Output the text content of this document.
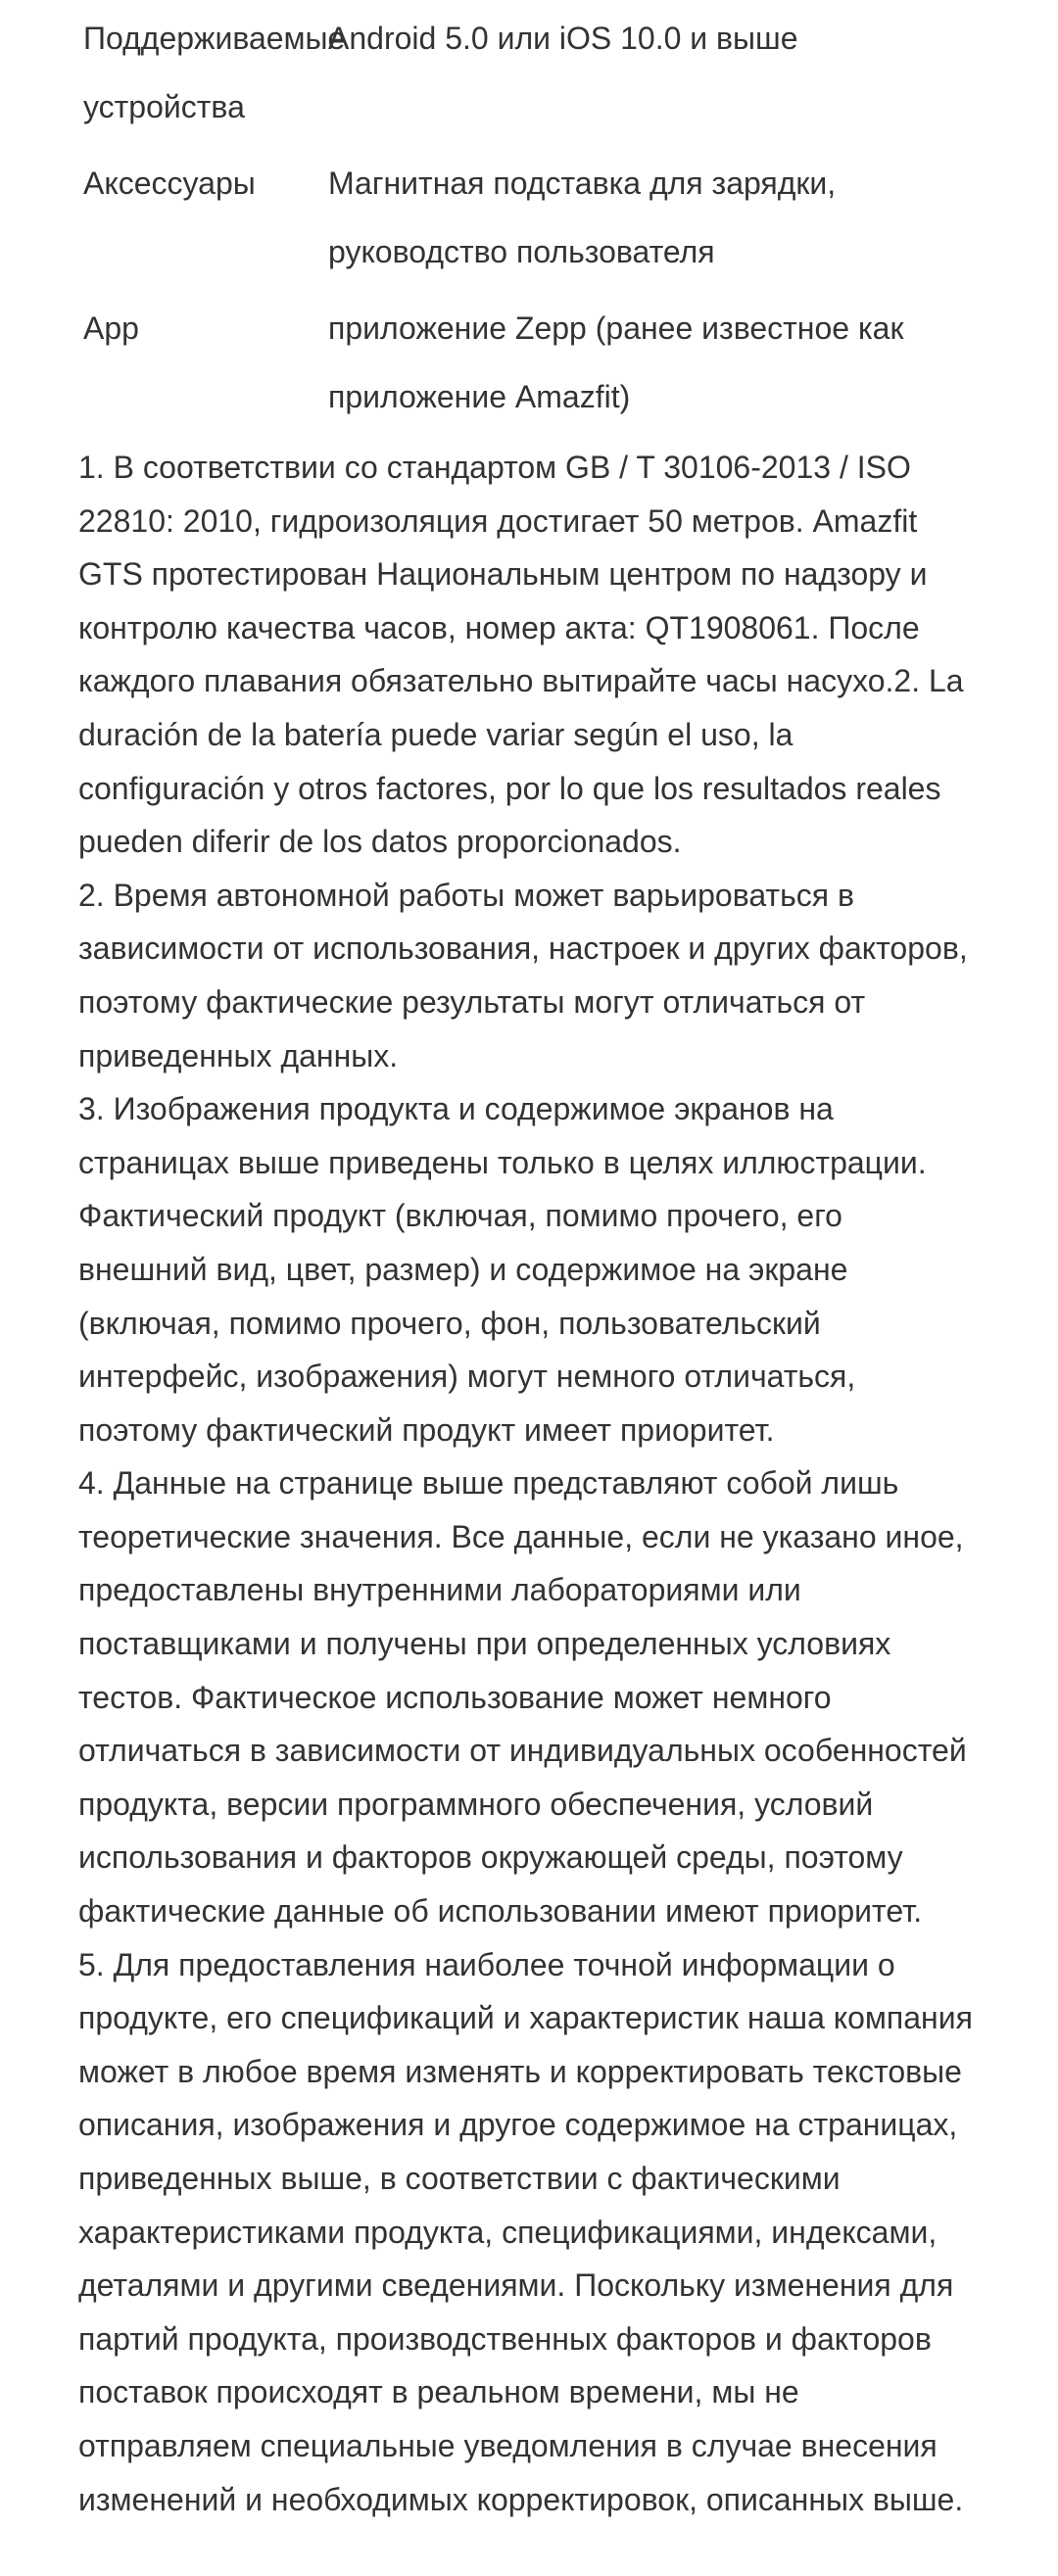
Поддерживаемые
устройства
Android 5.0 или iOS 10.0 и выше
Аксессуары	Магнитная подставка для зарядки, руководство пользователя
App	приложение Zepp (ранее известное как приложение Amazfit)

1. В соответствии со стандартом GB / T 30106-2013 / ISO 22810: 2010, гидроизоляция достигает 50 метров. Amazfit GTS протестирован Национальным центром по надзору и контролю качества часов, номер акта: QT1908061. После каждого плавания обязательно вытирайте часы насухо.2. La duración de la batería puede variar según el uso, la configuración y otros factores, por lo que los resultados reales pueden diferir de los datos proporcionados.

2. Время автономной работы может варьироваться в зависимости от использования, настроек и других факторов, поэтому фактические результаты могут отличаться от приведенных данных.

3. Изображения продукта и содержимое экранов на страницах выше приведены только в целях иллюстрации. Фактический продукт (включая, помимо прочего, его внешний вид, цвет, размер) и содержимое на экране (включая, помимо прочего, фон, пользовательский интерфейс, изображения) могут немного отличаться, поэтому фактический продукт имеет приоритет.

4. Данные на странице выше представляют собой лишь теоретические значения. Все данные, если не указано иное, предоставлены внутренними лабораториями или поставщиками и получены при определенных условиях тестов. Фактическое использование может немного отличаться в зависимости от индивидуальных особенностей продукта, версии программного обеспечения, условий использования и факторов окружающей среды, поэтому фактические данные об использовании имеют приоритет.

5. Для предоставления наиболее точной информации о продукте, его спецификаций и характеристик наша компания может в любое время изменять и корректировать текстовые описания, изображения и другое содержимое на страницах, приведенных выше, в соответствии с фактическими характеристиками продукта, спецификациями, индексами, деталями и другими сведениями. Поскольку изменения для партий продукта, производственных факторов и факторов поставок происходят в реальном времени, мы не отправляем специальные уведомления в случае внесения изменений и необходимых корректировок, описанных выше.
